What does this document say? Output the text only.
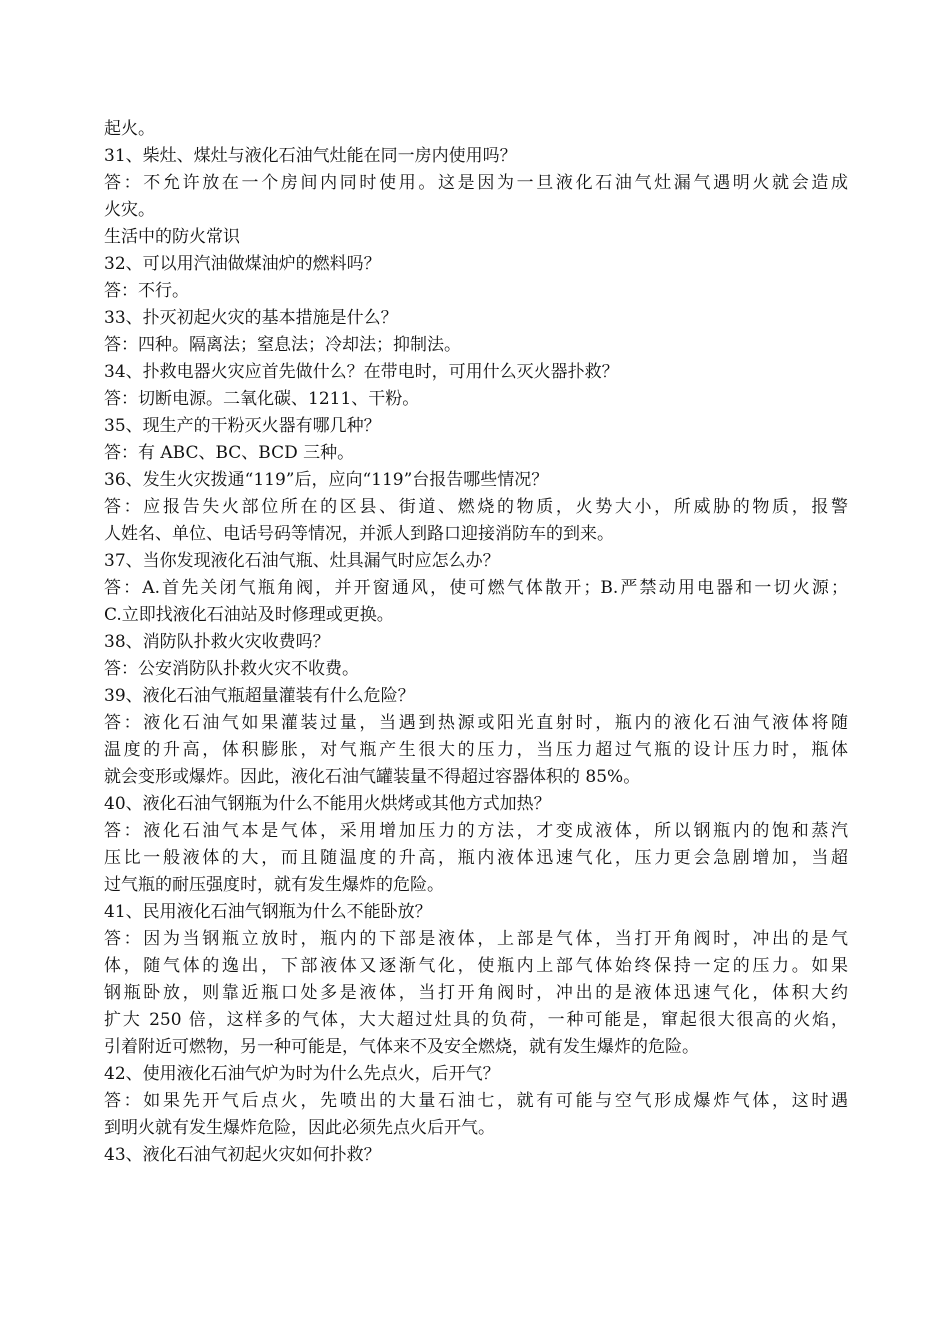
起火。

31、柴灶、煤灶与液化石油气灶能在同一房内使用吗？

答：不允许放在一个房间内同时使用。这是因为一旦液化石油气灶漏气遇明火就会造成

火灾。

生活中的防火常识

32、可以用汽油做煤油炉的燃料吗？

答：不行。

33、扑灭初起火灾的基本措施是什么？

答：四种。隔离法；窒息法；冷却法；抑制法。

34、扑救电器火灾应首先做什么？在带电时，可用什么灭火器扑救？

答：切断电源。二氧化碳、1211、干粉。

35、现生产的干粉灭火器有哪几种？

答：有 ABC、BC、BCD 三种。

36、发生火灾拨通“119”后，应向“119”台报告哪些情况？

答：应报告失火部位所在的区县、街道、燃烧的物质，火势大小，所威胁的物质，报警

人姓名、单位、电话号码等情况，并派人到路口迎接消防车的到来。

37、当你发现液化石油气瓶、灶具漏气时应怎么办？

答：A.首先关闭气瓶角阀，并开窗通风，使可燃气体散开；B.严禁动用电器和一切火源；

C.立即找液化石油站及时修理或更换。

38、消防队扑救火灾收费吗？

答：公安消防队扑救火灾不收费。

39、液化石油气瓶超量灌装有什么危险？

答：液化石油气如果灌装过量，当遇到热源或阳光直射时，瓶内的液化石油气液体将随

温度的升高，体积膨胀，对气瓶产生很大的压力，当压力超过气瓶的设计压力时，瓶体

就会变形或爆炸。因此，液化石油气罐装量不得超过容器体积的 85%。

40、液化石油气钢瓶为什么不能用火烘烤或其他方式加热？

答：液化石油气本是气体，采用增加压力的方法，才变成液体，所以钢瓶内的饱和蒸汽

压比一般液体的大，而且随温度的升高，瓶内液体迅速气化，压力更会急剧增加，当超

过气瓶的耐压强度时，就有发生爆炸的危险。

41、民用液化石油气钢瓶为什么不能卧放？

答：因为当钢瓶立放时，瓶内的下部是液体，上部是气体，当打开角阀时，冲出的是气

体，随气体的逸出，下部液体又逐渐气化，使瓶内上部气体始终保持一定的压力。如果

钢瓶卧放，则靠近瓶口处多是液体，当打开角阀时，冲出的是液体迅速气化，体积大约

扩大 250 倍，这样多的气体，大大超过灶具的负荷，一种可能是，窜起很大很高的火焰，

引着附近可燃物，另一种可能是，气体来不及安全燃烧，就有发生爆炸的危险。

42、使用液化石油气炉为时为什么先点火，后开气？

答：如果先开气后点火，先喷出的大量石油七，就有可能与空气形成爆炸气体，这时遇

到明火就有发生爆炸危险，因此必须先点火后开气。

43、液化石油气初起火灾如何扑救？
